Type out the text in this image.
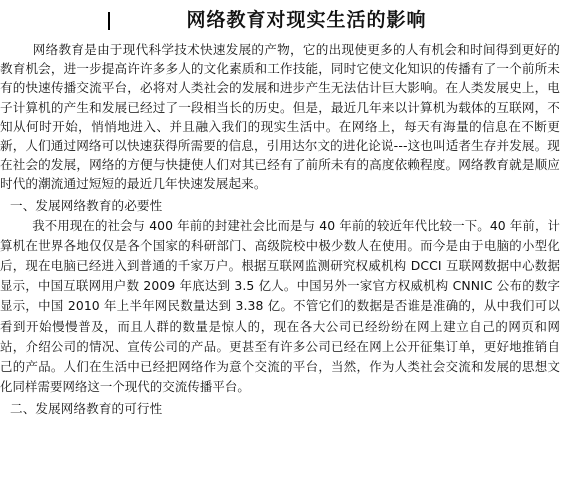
网络教育对现实生活的影响

网络教育是由于现代科学技术快速发展的产物，它的出现使更多的人有机会和时间得到更好的教育机会，进一步提高许许多多人的文化素质和工作技能，同时它使文化知识的传播有了一个前所未有的快速传播交流平台，必将对人类社会的发展和进步产生无法估计巨大影响。在人类发展史上，电子计算机的产生和发展已经过了一段相当长的历史。但是，最近几年来以计算机为载体的互联网，不知从何时开始，悄悄地进入、并且融入我们的现实生活中。在网络上，每天有海量的信息在不断更新，人们通过网络可以快速获得所需要的信息，引用达尔文的进化论说---这也叫适者生存并发展。现在社会的发展，网络的方便与快捷使人们对其已经有了前所未有的高度依赖程度。网络教育就是顺应时代的潮流通过短短的最近几年快速发展起来。

一、发展网络教育的必要性

我不用现在的社会与 400 年前的封建社会比而是与 40 年前的较近年代比较一下。40 年前，计算机在世界各地仅仅是各个国家的科研部门、高级院校中极少数人在使用。而今是由于电脑的小型化后，现在电脑已经进入到普通的千家万户。根据互联网监测研究权威机构 DCCI 互联网数据中心数据显示，中国互联网用户数 2009 年底达到 3.5 亿人。中国另外一家官方权威机构 CNNIC 公布的数字显示，中国 2010 年上半年网民数量达到 3.38 亿。不管它们的数据是否谁是准确的，从中我们可以看到开始慢慢普及，而且人群的数量是惊人的，现在各大公司已经纷纷在网上建立自己的网页和网站，介绍公司的情况、宣传公司的产品。更甚至有许多公司已经在网上公开征集订单，更好地推销自己的产品。人们在生活中已经把网络作为意个交流的平台，当然，作为人类社会交流和发展的思想文化同样需要网络这一个现代的交流传播平台。

二、发展网络教育的可行性
